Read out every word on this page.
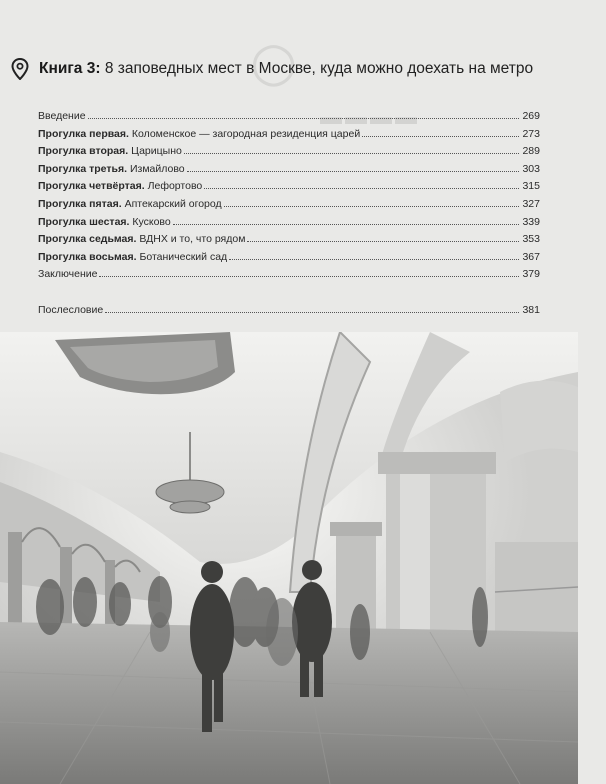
○
▬▬▬▬
Книга 3: 8 заповедных мест в Москве, куда можно доехать на метро
Введение	269
Прогулка первая. Коломенское — загородная резиденция царей	273
Прогулка вторая. Царицыно	289
Прогулка третья. Измайлово	303
Прогулка четвёртая. Лефортово	315
Прогулка пятая. Аптекарский огород	327
Прогулка шестая. Кусково	339
Прогулка седьмая. ВДНХ и то, что рядом	353
Прогулка восьмая. Ботанический сад	367
Заключение	379
Послесловие	381
